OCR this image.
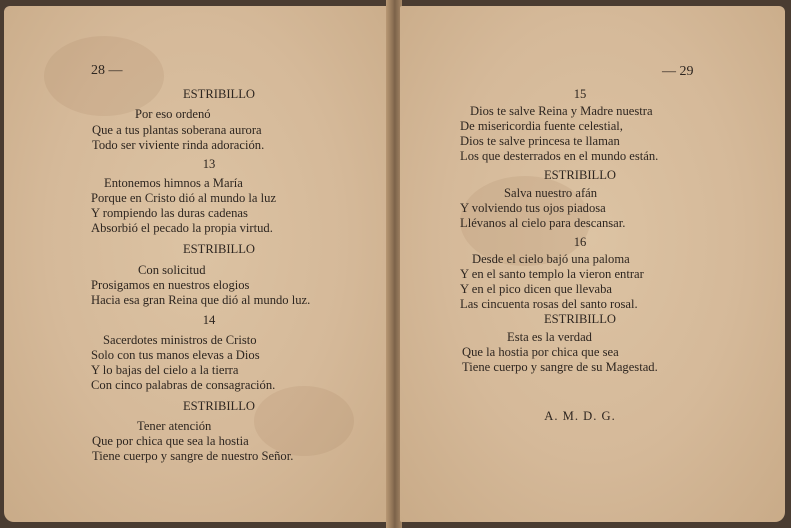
28 —
ESTRIBILLO
Por eso ordenó
Que a tus plantas soberana aurora
Todo ser viviente rinda adoración.
13
Entonemos himnos a María
Porque en Cristo dió al mundo la luz
Y rompiendo las duras cadenas
Absorbió el pecado la propia virtud.
ESTRIBILLO
Con solicitud
Prosigamos en nuestros elogios
Hacia esa gran Reina que dió al mundo luz.
14
Sacerdotes ministros de Cristo
Solo con tus manos elevas a Dios
Y lo bajas del cielo a la tierra
Con cinco palabras de consagración.
ESTRIBILLO
Tener atención
Que por chica que sea la hostia
Tiene cuerpo y sangre de nuestro Señor.
— 29
15
Dios te salve Reina y Madre nuestra
De misericordia fuente celestial,
Dios te salve princesa te llaman
Los que desterrados en el mundo están.
ESTRIBILLO
Salva nuestro afán
Y volviendo tus ojos piadosa
Llévanos al cielo para descansar.
16
Desde el cielo bajó una paloma
Y en el santo templo la vieron entrar
Y en el pico dicen que llevaba
Las cincuenta rosas del santo rosal.
ESTRIBILLO
Esta es la verdad
Que la hostia por chica que sea
Tiene cuerpo y sangre de su Magestad.
A. M. D. G.
